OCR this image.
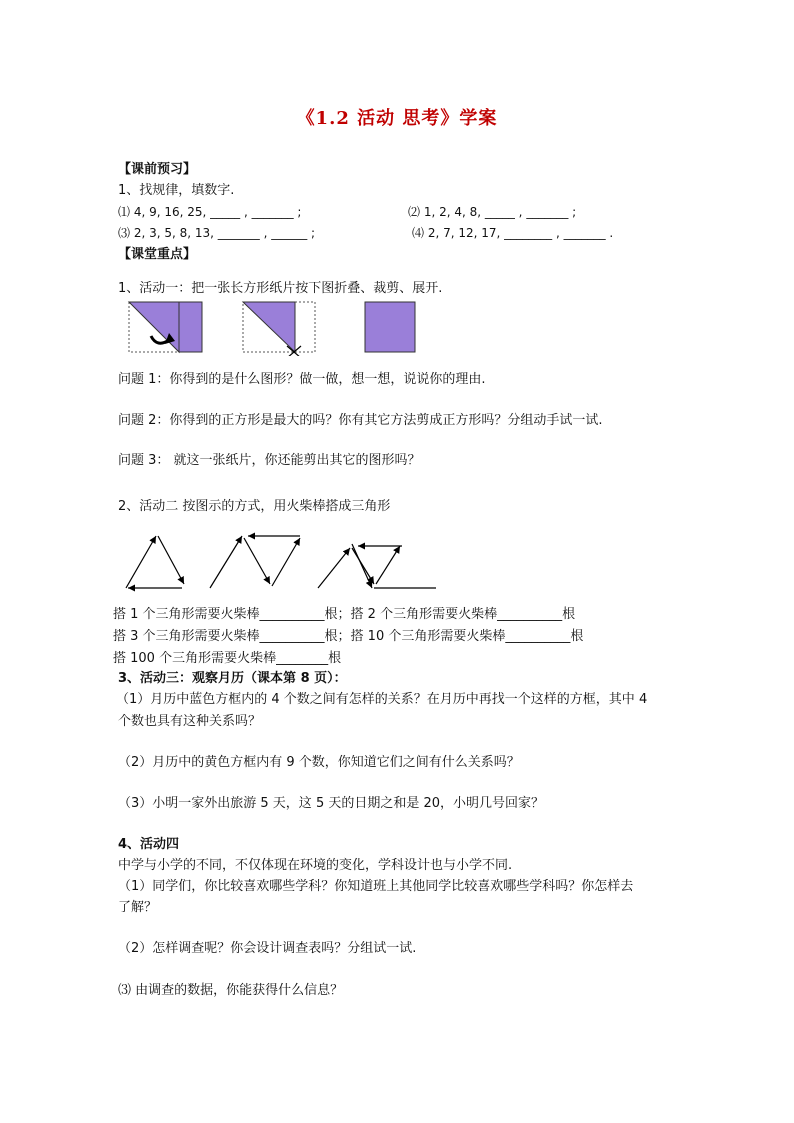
《1.2 活动 思考》学案
【课前预习】
1、找规律，填数字.
⑴ 4, 9, 16, 25, _____ , _______ ;	⑵ 1, 2, 4, 8, _____ , _______ ;
⑶ 2, 3, 5, 8, 13, _______ , ______ ;	⑷ 2, 7, 12, 17, ________ , _______ .
【课堂重点】
1、活动一：把一张长方形纸片按下图折叠、裁剪、展开.
问题 1：你得到的是什么图形？做一做，想一想，说说你的理由.
问题 2：你得到的正方形是最大的吗？你有其它方法剪成正方形吗？分组动手试一试.
问题 3： 就这一张纸片，你还能剪出其它的图形吗？
2、活动二 按图示的方式，用火柴棒搭成三角形
搭 1 个三角形需要火柴棒__________根；搭 2 个三角形需要火柴棒__________根
搭 3 个三角形需要火柴棒__________根；搭 10 个三角形需要火柴棒__________根
搭 100 个三角形需要火柴棒________根
3、活动三：观察月历（课本第 8 页）：
（1）月历中蓝色方框内的 4 个数之间有怎样的关系？在月历中再找一个这样的方框，其中 4
个数也具有这种关系吗？
（2）月历中的黄色方框内有 9 个数，你知道它们之间有什么关系吗？
（3）小明一家外出旅游 5 天，这 5 天的日期之和是 20，小明几号回家？
4、活动四
中学与小学的不同，不仅体现在环境的变化，学科设计也与小学不同.
（1）同学们，你比较喜欢哪些学科？你知道班上其他同学比较喜欢哪些学科吗？你怎样去
了解？
（2）怎样调查呢？你会设计调查表吗？分组试一试.
⑶ 由调查的数据，你能获得什么信息？
